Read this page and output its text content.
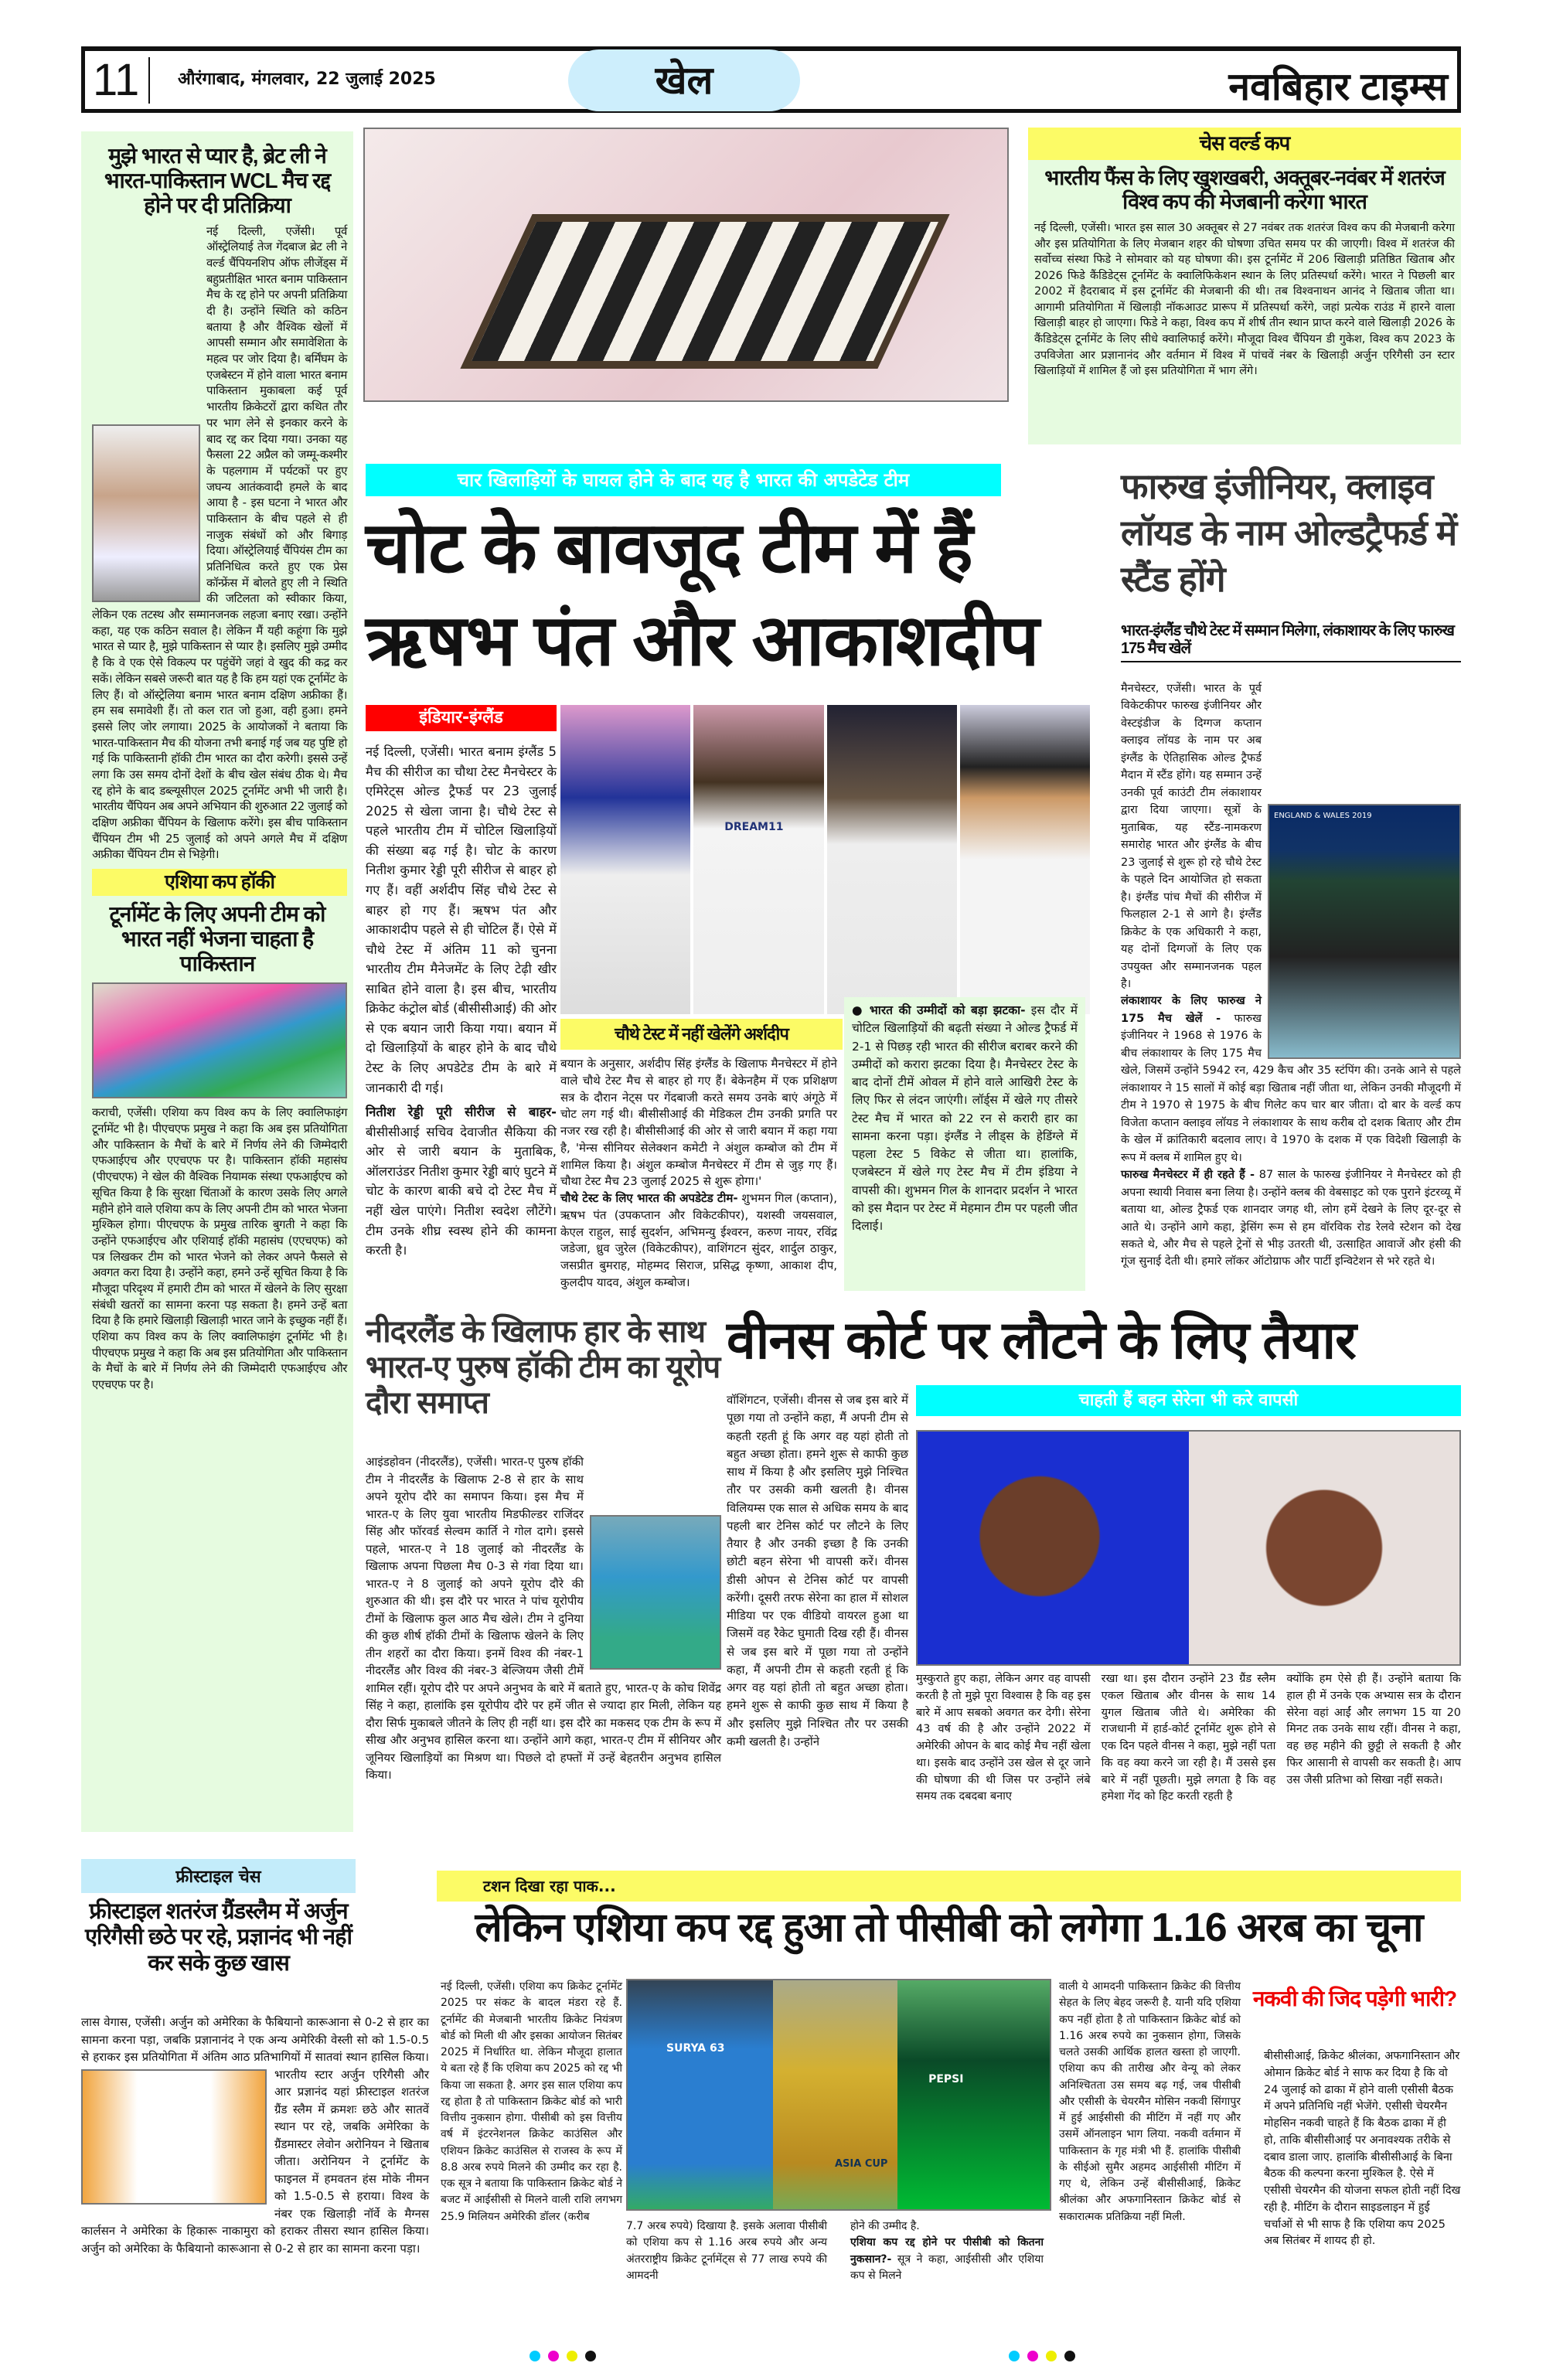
11	औरंगाबाद, मंगलवार, 22 जुलाई 2025	खेल	नवबिहार टाइम्स
मुझे भारत से प्यार है, ब्रेट ली ने भारत-पाकिस्तान WCL मैच रद्द होने पर दी प्रतिक्रिया
नई दिल्ली, एजेंसी। पूर्व ऑस्ट्रेलियाई तेज गेंदबाज ब्रेट ली ने वर्ल्ड चैंपियनशिप ऑफ लीजेंड्स में बहुप्रतीक्षित भारत बनाम पाकिस्तान मैच के रद्द होने पर अपनी प्रतिक्रिया दी है। उन्होंने स्थिति को कठिन बताया है और वैश्विक खेलों में आपसी सम्मान और समावेशिता के महत्व पर जोर दिया है। बर्मिंघम के एजबेस्टन में होने वाला भारत बनाम पाकिस्तान मुकाबला कई पूर्व भारतीय क्रिकेटरों द्वारा कथित तौर पर भाग लेने से इनकार करने के बाद रद्द कर दिया गया। उनका यह फैसला 22 अप्रैल को जम्मू-कश्मीर के पहलगाम में पर्यटकों पर हुए जघन्य आतंकवादी हमले के बाद आया है - इस घटना ने भारत और पाकिस्तान के बीच पहले से ही नाजुक संबंधों को और बिगाड़ दिया। ऑस्ट्रेलियाई चैंपियंस टीम का प्रतिनिधित्व करते हुए एक प्रेस कॉन्फ्रेंस में बोलते हुए ली ने स्थिति की जटिलता को स्वीकार किया, लेकिन एक तटस्थ और सम्मानजनक लहजा बनाए रखा। उन्होंने कहा, यह एक कठिन सवाल है। लेकिन मैं यही कहूंगा कि मुझे भारत से प्यार है, मुझे पाकिस्तान से प्यार है। इसलिए मुझे उम्मीद है कि वे एक ऐसे विकल्प पर पहुंचेंगे जहां वे खुद की कद्र कर सकें। लेकिन सबसे जरूरी बात यह है कि हम यहां एक टूर्नामेंट के लिए हैं। वो ऑस्ट्रेलिया बनाम भारत बनाम दक्षिण अफ्रीका हैं। हम सब समावेशी हैं। तो कल रात जो हुआ, वही हुआ। हमने इससे लिए जोर लगाया। 2025 के आयोजकों ने बताया कि भारत-पाकिस्तान मैच की योजना तभी बनाई गई जब यह पुष्टि हो गई कि पाकिस्तानी हॉकी टीम भारत का दौरा करेगी। इससे उन्हें लगा कि उस समय दोनों देशों के बीच खेल संबंध ठीक थे। मैच रद्द होने के बाद डब्ल्यूसीएल 2025 टूर्नामेंट अभी भी जारी है। भारतीय चैंपियन अब अपने अभियान की शुरुआत 22 जुलाई को दक्षिण अफ्रीका चैंपियन के खिलाफ करेंगे। इस बीच पाकिस्तान चैंपियन टीम भी 25 जुलाई को अपने अगले मैच में दक्षिण अफ्रीका चैंपियन टीम से भिड़ेगी।
एशिया कप हॉकी
टूर्नामेंट के लिए अपनी टीम को भारत नहीं भेजना चाहता है पाकिस्तान
कराची, एजेंसी। एशिया कप विश्व कप के लिए क्वालिफाइंग टूर्नामेंट भी है। पीएचएफ प्रमुख ने कहा कि अब इस प्रतियोगिता और पाकिस्तान के मैचों के बारे में निर्णय लेने की जिम्मेदारी एफआईएच और एएचएफ पर है। पाकिस्तान हॉकी महासंघ (पीएचएफ) ने खेल की वैश्विक नियामक संस्था एफआईएच को सूचित किया है कि सुरक्षा चिंताओं के कारण उसके लिए अगले महीने होने वाले एशिया कप के लिए अपनी टीम को भारत भेजना मुश्किल होगा। पीएचएफ के प्रमुख तारिक बुगती ने कहा कि उन्होंने एफआईएच और एशियाई हॉकी महासंघ (एएचएफ) को पत्र लिखकर टीम को भारत भेजने को लेकर अपने फैसले से अवगत करा दिया है। उन्होंने कहा, हमने उन्हें सूचित किया है कि मौजूदा परिदृश्य में हमारी टीम को भारत में खेलने के लिए सुरक्षा संबंधी खतरों का सामना करना पड़ सकता है। हमने उन्हें बता दिया है कि हमारे खिलाड़ी खिलाड़ी भारत जाने के इच्छुक नहीं हैं। एशिया कप विश्व कप के लिए क्वालिफाइंग टूर्नामेंट भी है। पीएचएफ प्रमुख ने कहा कि अब इस प्रतियोगिता और पाकिस्तान के मैचों के बारे में निर्णय लेने की जिम्मेदारी एफआईएच और एएचएफ पर है।
चेस वर्ल्ड कप
भारतीय फैंस के लिए खुशखबरी, अक्तूबर-नवंबर में शतरंज विश्व कप की मेजबानी करेगा भारत
नई दिल्ली, एजेंसी। भारत इस साल 30 अक्तूबर से 27 नवंबर तक शतरंज विश्व कप की मेजबानी करेगा और इस प्रतियोगिता के लिए मेजबान शहर की घोषणा उचित समय पर की जाएगी। विश्व में शतरंज की सर्वोच्च संस्था फिडे ने सोमवार को यह घोषणा की। इस टूर्नामेंट में 206 खिलाड़ी प्रतिष्ठित खिताब और 2026 फिडे कैंडिडेट्स टूर्नामेंट के क्वालिफिकेशन स्थान के लिए प्रतिस्पर्धा करेंगे। भारत ने पिछली बार 2002 में हैदराबाद में इस टूर्नामेंट की मेजबानी की थी। तब विश्वनाथन आनंद ने खिताब जीता था। आगामी प्रतियोगिता में खिलाड़ी नॉकआउट प्रारूप में प्रतिस्पर्धा करेंगे, जहां प्रत्येक राउंड में हारने वाला खिलाड़ी बाहर हो जाएगा। फिडे ने कहा, विश्व कप में शीर्ष तीन स्थान प्राप्त करने वाले खिलाड़ी 2026 के कैंडिडेट्स टूर्नामेंट के लिए सीधे क्वालिफाई करेंगे। मौजूदा विश्व चैंपियन डी गुकेश, विश्व कप 2023 के उपविजेता आर प्रज्ञानानंद और वर्तमान में विश्व में पांचवें नंबर के खिलाड़ी अर्जुन एरिगैसी उन स्टार खिलाड़ियों में शामिल हैं जो इस प्रतियोगिता में भाग लेंगे।
चार खिलाड़ियों के घायल होने के बाद यह है भारत की अपडेटेड टीम
चोट के बावजूद टीम में हैं
ऋषभ पंत और आकाशदीप
इंडियार-इंग्लैंड
नई दिल्ली, एजेंसी। भारत बनाम इंग्लैंड 5 मैच की सीरीज का चौथा टेस्ट मैनचेस्टर के एमिरेट्स ओल्ड ट्रैफर्ड पर 23 जुलाई 2025 से खेला जाना है। चौथे टेस्ट से पहले भारतीय टीम में चोटिल खिलाड़ियों की संख्या बढ़ गई है। चोट के कारण नितीश कुमार रेड्डी पूरी सीरीज से बाहर हो गए हैं। वहीं अर्शदीप सिंह चौथे टेस्ट से बाहर हो गए हैं। ऋषभ पंत और आकाशदीप पहले से ही चोटिल हैं। ऐसे में चौथे टेस्ट में अंतिम 11 को चुनना भारतीय टीम मैनेजमेंट के लिए टेढ़ी खीर साबित होने वाला है। इस बीच, भारतीय क्रिकेट कंट्रोल बोर्ड (बीसीसीआई) की ओर से एक बयान जारी किया गया। बयान में दो खिलाड़ियों के बाहर होने के बाद चौथे टेस्ट के लिए अपडेटेड टीम के बारे में जानकारी दी गई।

नितीश रेड्डी पूरी सीरीज से बाहर- बीसीसीआई सचिव देवाजीत सैकिया की ओर से जारी बयान के मुताबिक, ऑलराउंडर नितीश कुमार रेड्डी बाएं घुटने में चोट के कारण बाकी बचे दो टेस्ट मैच में नहीं खेल पाएंगे। नितीश स्वदेश लौटेंगे। टीम उनके शीघ्र स्वस्थ होने की कामना करती है।

DREAM11
चौथे टेस्ट में नहीं खेलेंगे अर्शदीप
बयान के अनुसार, अर्शदीप सिंह इंग्लैंड के खिलाफ मैनचेस्टर में होने वाले चौथे टेस्ट मैच से बाहर हो गए हैं। बेकेनहैम में एक प्रशिक्षण सत्र के दौरान नेट्स पर गेंदबाजी करते समय उनके बाएं अंगूठे में चोट लग गई थी। बीसीसीआई की मेडिकल टीम उनकी प्रगति पर नजर रख रही है। बीसीसीआई की ओर से जारी बयान में कहा गया है, 'मेन्स सीनियर सेलेक्शन कमेटी ने अंशुल कम्बोज को टीम में शामिल किया है। अंशुल कम्बोज मैनचेस्टर में टीम से जुड़ गए हैं। चौथा टेस्ट मैच 23 जुलाई 2025 से शुरू होगा।'

चौथे टेस्ट के लिए भारत की अपडेटेड टीम- शुभमन गिल (कप्तान), ऋषभ पंत (उपकप्तान और विकेटकीपर), यशस्वी जयसवाल, केएल राहुल, साई सुदर्शन, अभिमन्यु ईश्वरन, करुण नायर, रविंद्र जडेजा, ध्रुव जुरेल (विकेटकीपर), वाशिंगटन सुंदर, शार्दुल ठाकुर, जसप्रीत बुमराह, मोहम्मद सिराज, प्रसिद्ध कृष्णा, आकाश दीप, कुलदीप यादव, अंशुल कम्बोज।

● भारत की उम्मीदों को बड़ा झटका- इस दौर में चोटिल खिलाड़ियों की बढ़ती संख्या ने ओल्ड ट्रैफर्ड में 2-1 से पिछड़ रही भारत की सीरीज बराबर करने की उम्मीदों को करारा झटका दिया है। मैनचेस्टर टेस्ट के बाद दोनों टीमें ओवल में होने वाले आखिरी टेस्ट के लिए फिर से लंदन जाएंगी। लॉर्ड्स में खेले गए तीसरे टेस्ट मैच में भारत को 22 रन से करारी हार का सामना करना पड़ा। इंग्लैंड ने लीड्स के हेडिंग्ले में पहला टेस्ट 5 विकेट से जीता था। हालांकि, एजबेस्टन में खेले गए टेस्ट मैच में टीम इंडिया ने वापसी की। शुभमन गिल के शानदार प्रदर्शन ने भारत को इस मैदान पर टेस्ट में मेहमान टीम पर पहली जीत दिलाई।
फारुख इंजीनियर, क्लाइव लॉयड के नाम ओल्डट्रैफर्ड में स्टैंड होंगे
भारत-इंग्लैंड चौथे टेस्ट में सम्मान मिलेगा, लंकाशायर के लिए फारुख 175 मैच खेलें
ENGLAND & WALES 2019
मैनचेस्टर, एजेंसी। भारत के पूर्व विकेटकीपर फारुख इंजीनियर और वेस्टइंडीज के दिग्गज कप्तान क्लाइव लॉयड के नाम पर अब इंग्लैंड के ऐतिहासिक ओल्ड ट्रैफर्ड मैदान में स्टैंड होंगे। यह सम्मान उन्हें उनकी पूर्व काउंटी टीम लंकाशायर द्वारा दिया जाएगा। सूत्रों के मुताबिक, यह स्टैंड-नामकरण समारोह भारत और इंग्लैंड के बीच 23 जुलाई से शुरू हो रहे चौथे टेस्ट के पहले दिन आयोजित हो सकता है। इंग्लैंड पांच मैचों की सीरीज में फिलहाल 2-1 से आगे है। इंग्लैंड क्रिकेट के एक अधिकारी ने कहा, यह दोनों दिग्गजों के लिए एक उपयुक्त और सम्मानजनक पहल है।
लंकाशायर के लिए फारुख ने 175 मैच खेलें - फारुख इंजीनियर ने 1968 से 1976 के बीच लंकाशायर के लिए 175 मैच खेले, जिसमें उन्होंने 5942 रन, 429 कैच और 35 स्टंपिंग की। उनके आने से पहले लंकाशायर ने 15 सालों में कोई बड़ा खिताब नहीं जीता था, लेकिन उनकी मौजूदगी में टीम ने 1970 से 1975 के बीच गिलेट कप चार बार जीता। दो बार के वर्ल्ड कप विजेता कप्तान क्लाइव लॉयड ने लंकाशायर के साथ करीब दो दशक बिताए और टीम के खेल में क्रांतिकारी बदलाव लाए। वे 1970 के दशक में एक विदेशी खिलाड़ी के रूप में क्लब में शामिल हुए थे।
फारुख मैनचेस्टर में ही रहते हैं - 87 साल के फारुख इंजीनियर ने मैनचेस्टर को ही अपना स्थायी निवास बना लिया है। उन्होंने क्लब की वेबसाइट को एक पुराने इंटरव्यू में बताया था, ओल्ड ट्रैफर्ड एक शानदार जगह थी, लोग हमें देखने के लिए दूर-दूर से आते थे। उन्होंने आगे कहा, ड्रेसिंग रूम से हम वॉरविक रोड रेलवे स्टेशन को देख सकते थे, और मैच से पहले ट्रेनों से भीड़ उतरती थी, उत्साहित आवाजें और हंसी की गूंज सुनाई देती थी। हमारे लॉकर ऑटोग्राफ और पार्टी इन्विटेशन से भरे रहते थे।
नीदरलैंड के खिलाफ हार के साथ भारत-ए पुरुष हॉकी टीम का यूरोप दौरा समाप्त
आइंडहोवन (नीदरलैंड), एजेंसी। भारत-ए पुरुष हॉकी टीम ने नीदरलैंड के खिलाफ 2-8 से हार के साथ अपने यूरोप दौरे का समापन किया। इस मैच में भारत-ए के लिए युवा भारतीय मिडफील्डर राजिंदर सिंह और फॉरवर्ड सेल्वम कार्ति ने गोल दागे। इससे पहले, भारत-ए ने 18 जुलाई को नीदरलैंड के खिलाफ अपना पिछला मैच 0-3 से गंवा दिया था। भारत-ए ने 8 जुलाई को अपने यूरोप दौरे की शुरुआत की थी। इस दौरे पर भारत ने पांच यूरोपीय टीमों के खिलाफ कुल आठ मैच खेले। टीम ने दुनिया की कुछ शीर्ष हॉकी टीमों के खिलाफ खेलने के लिए तीन शहरों का दौरा किया। इनमें विश्व की नंबर-1 नीदरलैंड और विश्व की नंबर-3 बेल्जियम जैसी टीमें शामिल रहीं। यूरोप दौरे पर अपने अनुभव के बारे में बताते हुए, भारत-ए के कोच शिवेंद्र सिंह ने कहा, हालांकि इस यूरोपीय दौरे पर हमें जीत से ज्यादा हार मिली, लेकिन यह दौरा सिर्फ मुकाबले जीतने के लिए ही नहीं था। इस दौरे का मकसद एक टीम के रूप में सीख और अनुभव हासिल करना था। उन्होंने आगे कहा, भारत-ए टीम में सीनियर और जूनियर खिलाड़ियों का मिश्रण था। पिछले दो हफ्तों में उन्हें बेहतरीन अनुभव हासिल किया।
वीनस कोर्ट पर लौटने के लिए तैयार
चाहती हैं बहन सेरेना भी करे वापसी
वॉशिंगटन, एजेंसी। वीनस से जब इस बारे में पूछा गया तो उन्होंने कहा, मैं अपनी टीम से कहती रहती हूं कि अगर वह यहां होती तो बहुत अच्छा होता। हमने शुरू से काफी कुछ साथ में किया है और इसलिए मुझे निश्चित तौर पर उसकी कमी खलती है। वीनस विलियम्स एक साल से अधिक समय के बाद पहली बार टेनिस कोर्ट पर लौटने के लिए तैयार है और उनकी इच्छा है कि उनकी छोटी बहन सेरेना भी वापसी करें। वीनस डीसी ओपन से टेनिस कोर्ट पर वापसी करेंगी। दूसरी तरफ सेरेना का हाल में सोशल मीडिया पर एक वीडियो वायरल हुआ था जिसमें वह रैकेट घुमाती दिख रही हैं। वीनस से जब इस बारे में पूछा गया तो उन्होंने कहा, मैं अपनी टीम से कहती रहती हूं कि अगर वह यहां होती तो बहुत अच्छा होता। हमने शुरू से काफी कुछ साथ में किया है और इसलिए मुझे निश्चित तौर पर उसकी कमी खलती है। उन्होंने
मुस्कुराते हुए कहा, लेकिन अगर वह वापसी करती है तो मुझे पूरा विश्वास है कि वह इस बारे में आप सबको अवगत कर देगी। सेरेना 43 वर्ष की है और उन्होंने 2022 में अमेरिकी ओपन के बाद कोई मैच नहीं खेला था। इसके बाद उन्होंने उस खेल से दूर जाने की घोषणा की थी जिस पर उन्होंने लंबे समय तक दबदबा बनाए
रखा था। इस दौरान उन्होंने 23 ग्रैंड स्लैम एकल खिताब और वीनस के साथ 14 युगल खिताब जीते थे। अमेरिका की राजधानी में हार्ड-कोर्ट टूर्नामेंट शुरू होने से एक दिन पहले वीनस ने कहा, मुझे नहीं पता कि वह क्या करने जा रही है। मैं उससे इस बारे में नहीं पूछती। मुझे लगता है कि वह हमेशा गेंद को हिट करती रहती है
क्योंकि हम ऐसे ही हैं। उन्होंने बताया कि हाल ही में उनके एक अभ्यास सत्र के दौरान सेरेना वहां आईं और लगभग 15 या 20 मिनट तक उनके साथ रहीं। वीनस ने कहा, वह छह महीने की छुट्टी ले सकती है और फिर आसानी से वापसी कर सकती है। आप उस जैसी प्रतिभा को सिखा नहीं सकते।
फ्रीस्टाइल चेस
फ्रीस्टाइल शतरंज ग्रैंडस्लैम में अर्जुन एरिगैसी छठे पर रहे, प्रज्ञानंद भी नहीं कर सके कुछ खास
लास वेगास, एजेंसी। अर्जुन को अमेरिका के फैबियानो कारूआना से 0-2 से हार का सामना करना पड़ा, जबकि प्रज्ञानानंद ने एक अन्य अमेरिकी वेस्ली सो को 1.5-0.5 से हराकर इस प्रतियोगिता में अंतिम आठ प्रतिभागियों में सातवां स्थान हासिल किया। भारतीय स्टार अर्जुन एरिगैसी और आर प्रज्ञानंद यहां फ्रीस्टाइल शतरंज ग्रैंड स्लैम में क्रमशः छठे और सातवें स्थान पर रहे, जबकि अमेरिका के ग्रैंडमास्टर लेवोन अरोनियन ने खिताब जीता। अरोनियन ने टूर्नामेंट के फाइनल में हमवतन हंस मोके नीमन को 1.5-0.5 से हराया। विश्व के नंबर एक खिलाड़ी नॉर्वे के मैग्नस कार्लसन ने अमेरिका के हिकारू नाकामुरा को हराकर तीसरा स्थान हासिल किया। अर्जुन को अमेरिका के फैबियानो कारूआना से 0-2 से हार का सामना करना पड़ा।
टशन दिखा रहा पाक...
लेकिन एशिया कप रद्द हुआ तो पीसीबी को लगेगा 1.16 अरब का चूना
नई दिल्ली, एजेंसी। एशिया कप क्रिकेट टूर्नामेंट 2025 पर संकट के बादल मंडरा रहे हैं. टूर्नामेंट की मेजबानी भारतीय क्रिकेट नियंत्रण बोर्ड को मिली थी और इसका आयोजन सितंबर 2025 में निर्धारित था. लेकिन मौजूदा हालात ये बता रहे हैं कि एशिया कप 2025 को रद्द भी किया जा सकता है. अगर इस साल एशिया कप रद्द होता है तो पाकिस्तान क्रिकेट बोर्ड को भारी वित्तीय नुकसान होगा. पीसीबी को इस वित्तीय वर्ष में इंटरनेशनल क्रिकेट काउंसिल और एशियन क्रिकेट काउंसिल से राजस्व के रूप में 8.8 अरब रुपये मिलने की उम्मीद कर रहा है. एक सूत्र ने बताया कि पाकिस्तान क्रिकेट बोर्ड ने बजट में आईसीसी से मिलने वाली राशि लगभग 25.9 मिलियन अमेरिकी डॉलर (करीब
SURYA 63
ASIA CUP
PEPSI
7.7 अरब रुपये) दिखाया है. इसके अलावा पीसीबी को एशिया कप से 1.16 अरब रुपये और अन्य अंतरराष्ट्रीय क्रिकेट टूर्नामेंट्स से 77 लाख रुपये की आमदनी
होने की उम्मीद है.
एशिया कप रद्द होने पर पीसीबी को कितना नुकसान?- सूत्र ने कहा, आईसीसी और एशिया कप से मिलने
वाली ये आमदनी पाकिस्तान क्रिकेट की वित्तीय सेहत के लिए बेहद जरूरी है. यानी यदि एशिया कप नहीं होता है तो पाकिस्तान क्रिकेट बोर्ड को 1.16 अरब रुपये का नुकसान होगा, जिसके चलते उसकी आर्थिक हालत खस्ता हो जाएगी. एशिया कप की तारीख और वेन्यू को लेकर अनिश्चितता उस समय बढ़ गई, जब पीसीबी और एसीसी के चेयरमैन मोसिन नकवी सिंगापुर में हुई आईसीसी की मीटिंग में नहीं गए और उसमें ऑनलाइन भाग लिया. नकवी वर्तमान में पाकिस्तान के गृह मंत्री भी हैं. हालांकि पीसीबी के सीईओ सुमैर अहमद आईसीसी मीटिंग में गए थे, लेकिन उन्हें बीसीसीआई, क्रिकेट श्रीलंका और अफगानिस्तान क्रिकेट बोर्ड से सकारात्मक प्रतिक्रिया नहीं मिली.
नकवी की जिद पड़ेगी भारी?
बीसीसीआई, क्रिकेट श्रीलंका, अफगानिस्तान और ओमान क्रिकेट बोर्ड ने साफ कर दिया है कि वो 24 जुलाई को ढाका में होने वाली एसीसी बैठक में अपने प्रतिनिधि नहीं भेजेंगे. एसीसी चेयरमैन मोहसिन नकवी चाहते हैं कि बैठक ढाका में ही हो, ताकि बीसीसीआई पर अनावश्यक तरीके से दबाव डाला जाए. हालांकि बीसीसीआई के बिना बैठक की कल्पना करना मुश्किल है. ऐसे में एसीसी चेयरमैन की योजना सफल होती नहीं दिख रही है. मीटिंग के दौरान साइडलाइन में हुई चर्चाओं से भी साफ है कि एशिया कप 2025 अब सितंबर में शायद ही हो.
